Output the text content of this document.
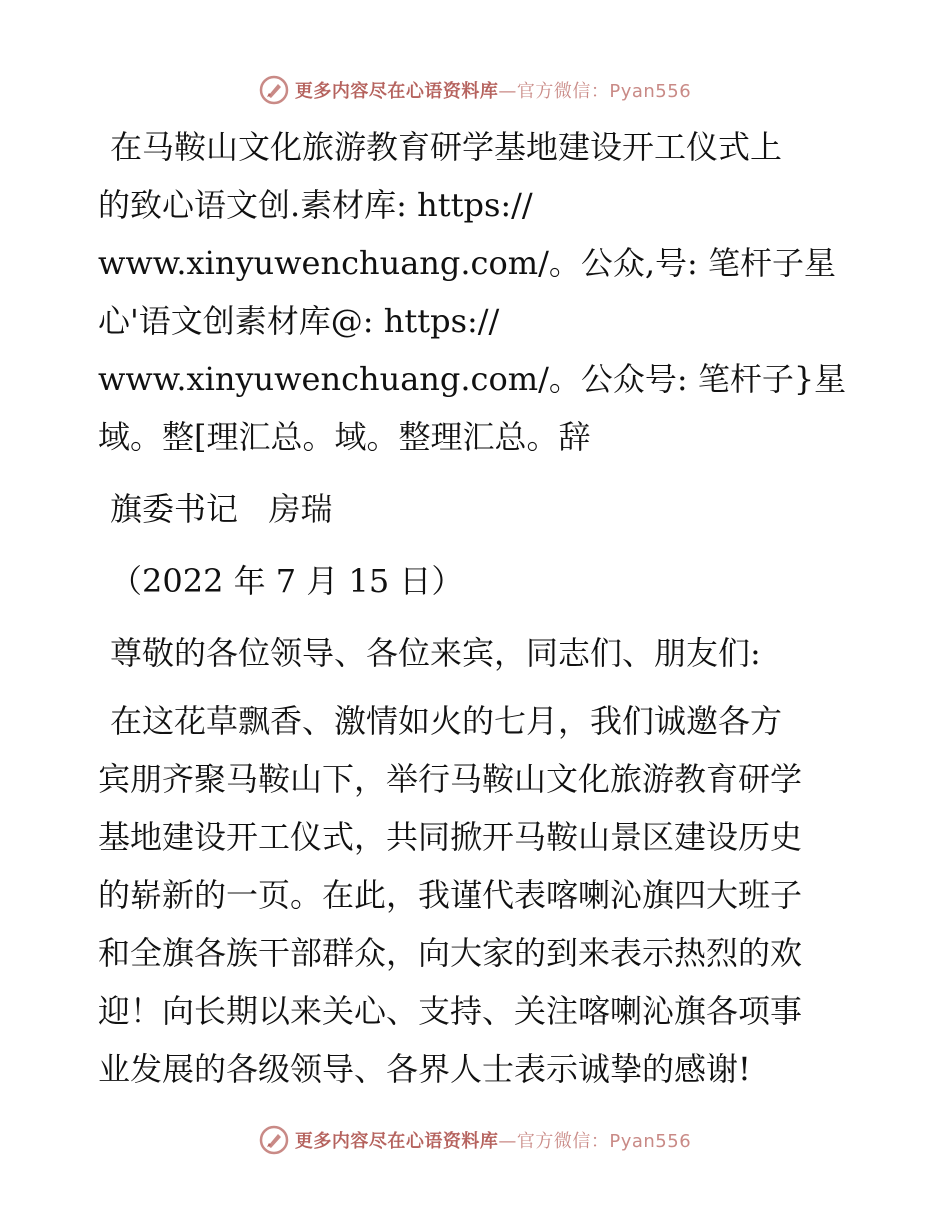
更多内容尽在心语资料库—官方微信：Pyan556
在马鞍山文化旅游教育研学基地建设开工仪式上
的致心语文创.素材库: https://
www.xinyuwenchuang.com/。公众,号: 笔杆子星
心'语文创素材库@: https://
www.xinyuwenchuang.com/。公众号: 笔杆子}星
域。整[理汇总。域。整理汇总。辞
旗委书记   房瑞
（2022 年 7 月 15 日）
尊敬的各位领导、各位来宾，同志们、朋友们:
在这花草飘香、激情如火的七月，我们诚邀各方
宾朋齐聚马鞍山下，举行马鞍山文化旅游教育研学
基地建设开工仪式，共同掀开马鞍山景区建设历史
的崭新的一页。在此，我谨代表喀喇沁旗四大班子
和全旗各族干部群众，向大家的到来表示热烈的欢
迎！向长期以来关心、支持、关注喀喇沁旗各项事
业发展的各级领导、各界人士表示诚挚的感谢!
更多内容尽在心语资料库—官方微信：Pyan556
